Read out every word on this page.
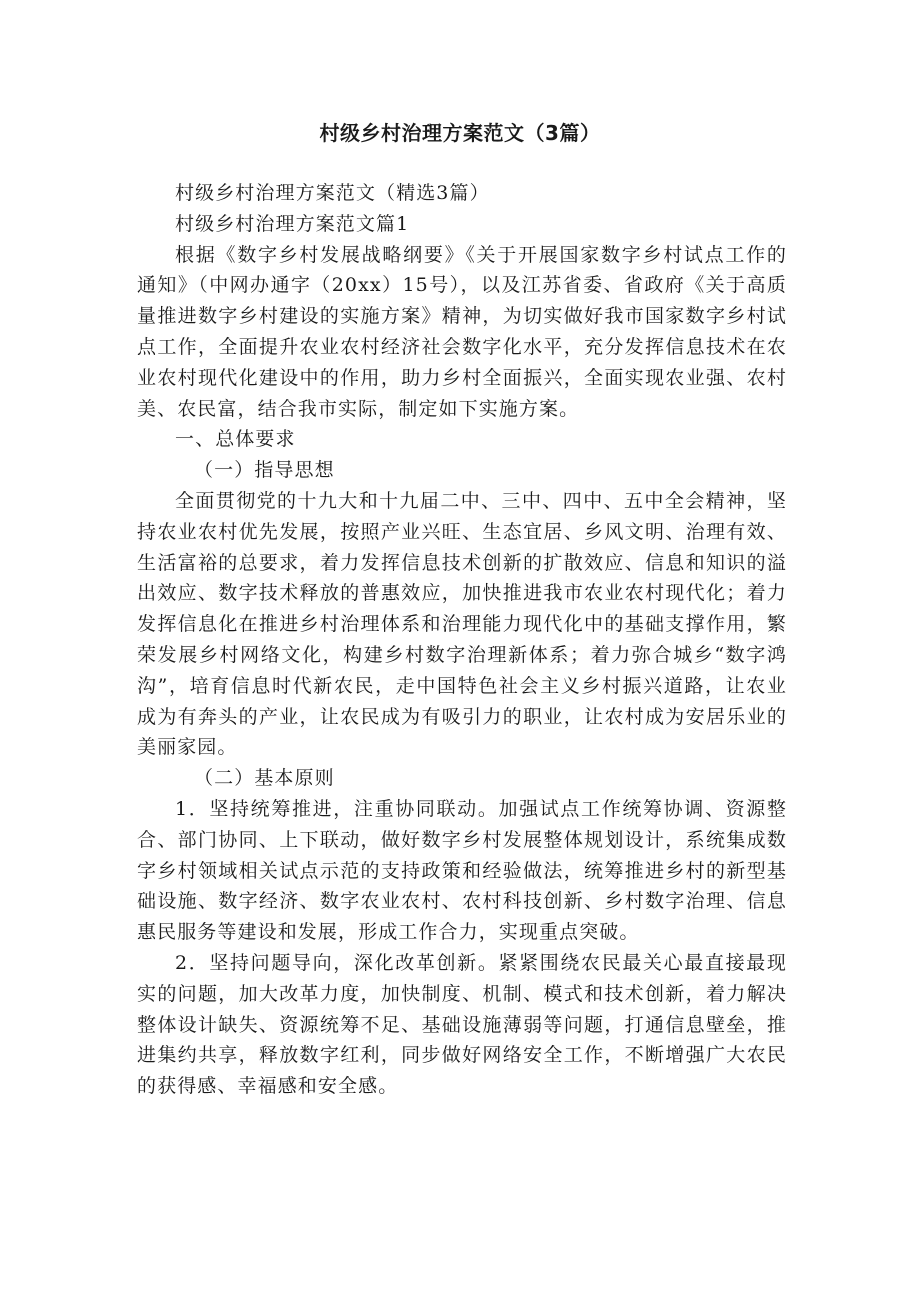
村级乡村治理方案范文（3篇）

村级乡村治理方案范文（精选3篇）

村级乡村治理方案范文篇1

根据《数字乡村发展战略纲要》《关于开展国家数字乡村试点工作的通知》（中网办通字（20xx）15号），以及江苏省委、省政府《关于高质量推进数字乡村建设的实施方案》精神，为切实做好我市国家数字乡村试点工作，全面提升农业农村经济社会数字化水平，充分发挥信息技术在农业农村现代化建设中的作用，助力乡村全面振兴，全面实现农业强、农村美、农民富，结合我市实际，制定如下实施方案。

一、总体要求

（一）指导思想

全面贯彻党的十九大和十九届二中、三中、四中、五中全会精神，坚持农业农村优先发展，按照产业兴旺、生态宜居、乡风文明、治理有效、生活富裕的总要求，着力发挥信息技术创新的扩散效应、信息和知识的溢出效应、数字技术释放的普惠效应，加快推进我市农业农村现代化；着力发挥信息化在推进乡村治理体系和治理能力现代化中的基础支撑作用，繁荣发展乡村网络文化，构建乡村数字治理新体系；着力弥合城乡“数字鸿沟”，培育信息时代新农民，走中国特色社会主义乡村振兴道路，让农业成为有奔头的产业，让农民成为有吸引力的职业，让农村成为安居乐业的美丽家园。

（二）基本原则

1．坚持统筹推进，注重协同联动。加强试点工作统筹协调、资源整合、部门协同、上下联动，做好数字乡村发展整体规划设计，系统集成数字乡村领域相关试点示范的支持政策和经验做法，统筹推进乡村的新型基础设施、数字经济、数字农业农村、农村科技创新、乡村数字治理、信息惠民服务等建设和发展，形成工作合力，实现重点突破。

2．坚持问题导向，深化改革创新。紧紧围绕农民最关心最直接最现实的问题，加大改革力度，加快制度、机制、模式和技术创新，着力解决整体设计缺失、资源统筹不足、基础设施薄弱等问题，打通信息壁垒，推进集约共享，释放数字红利，同步做好网络安全工作，不断增强广大农民的获得感、幸福感和安全感。
